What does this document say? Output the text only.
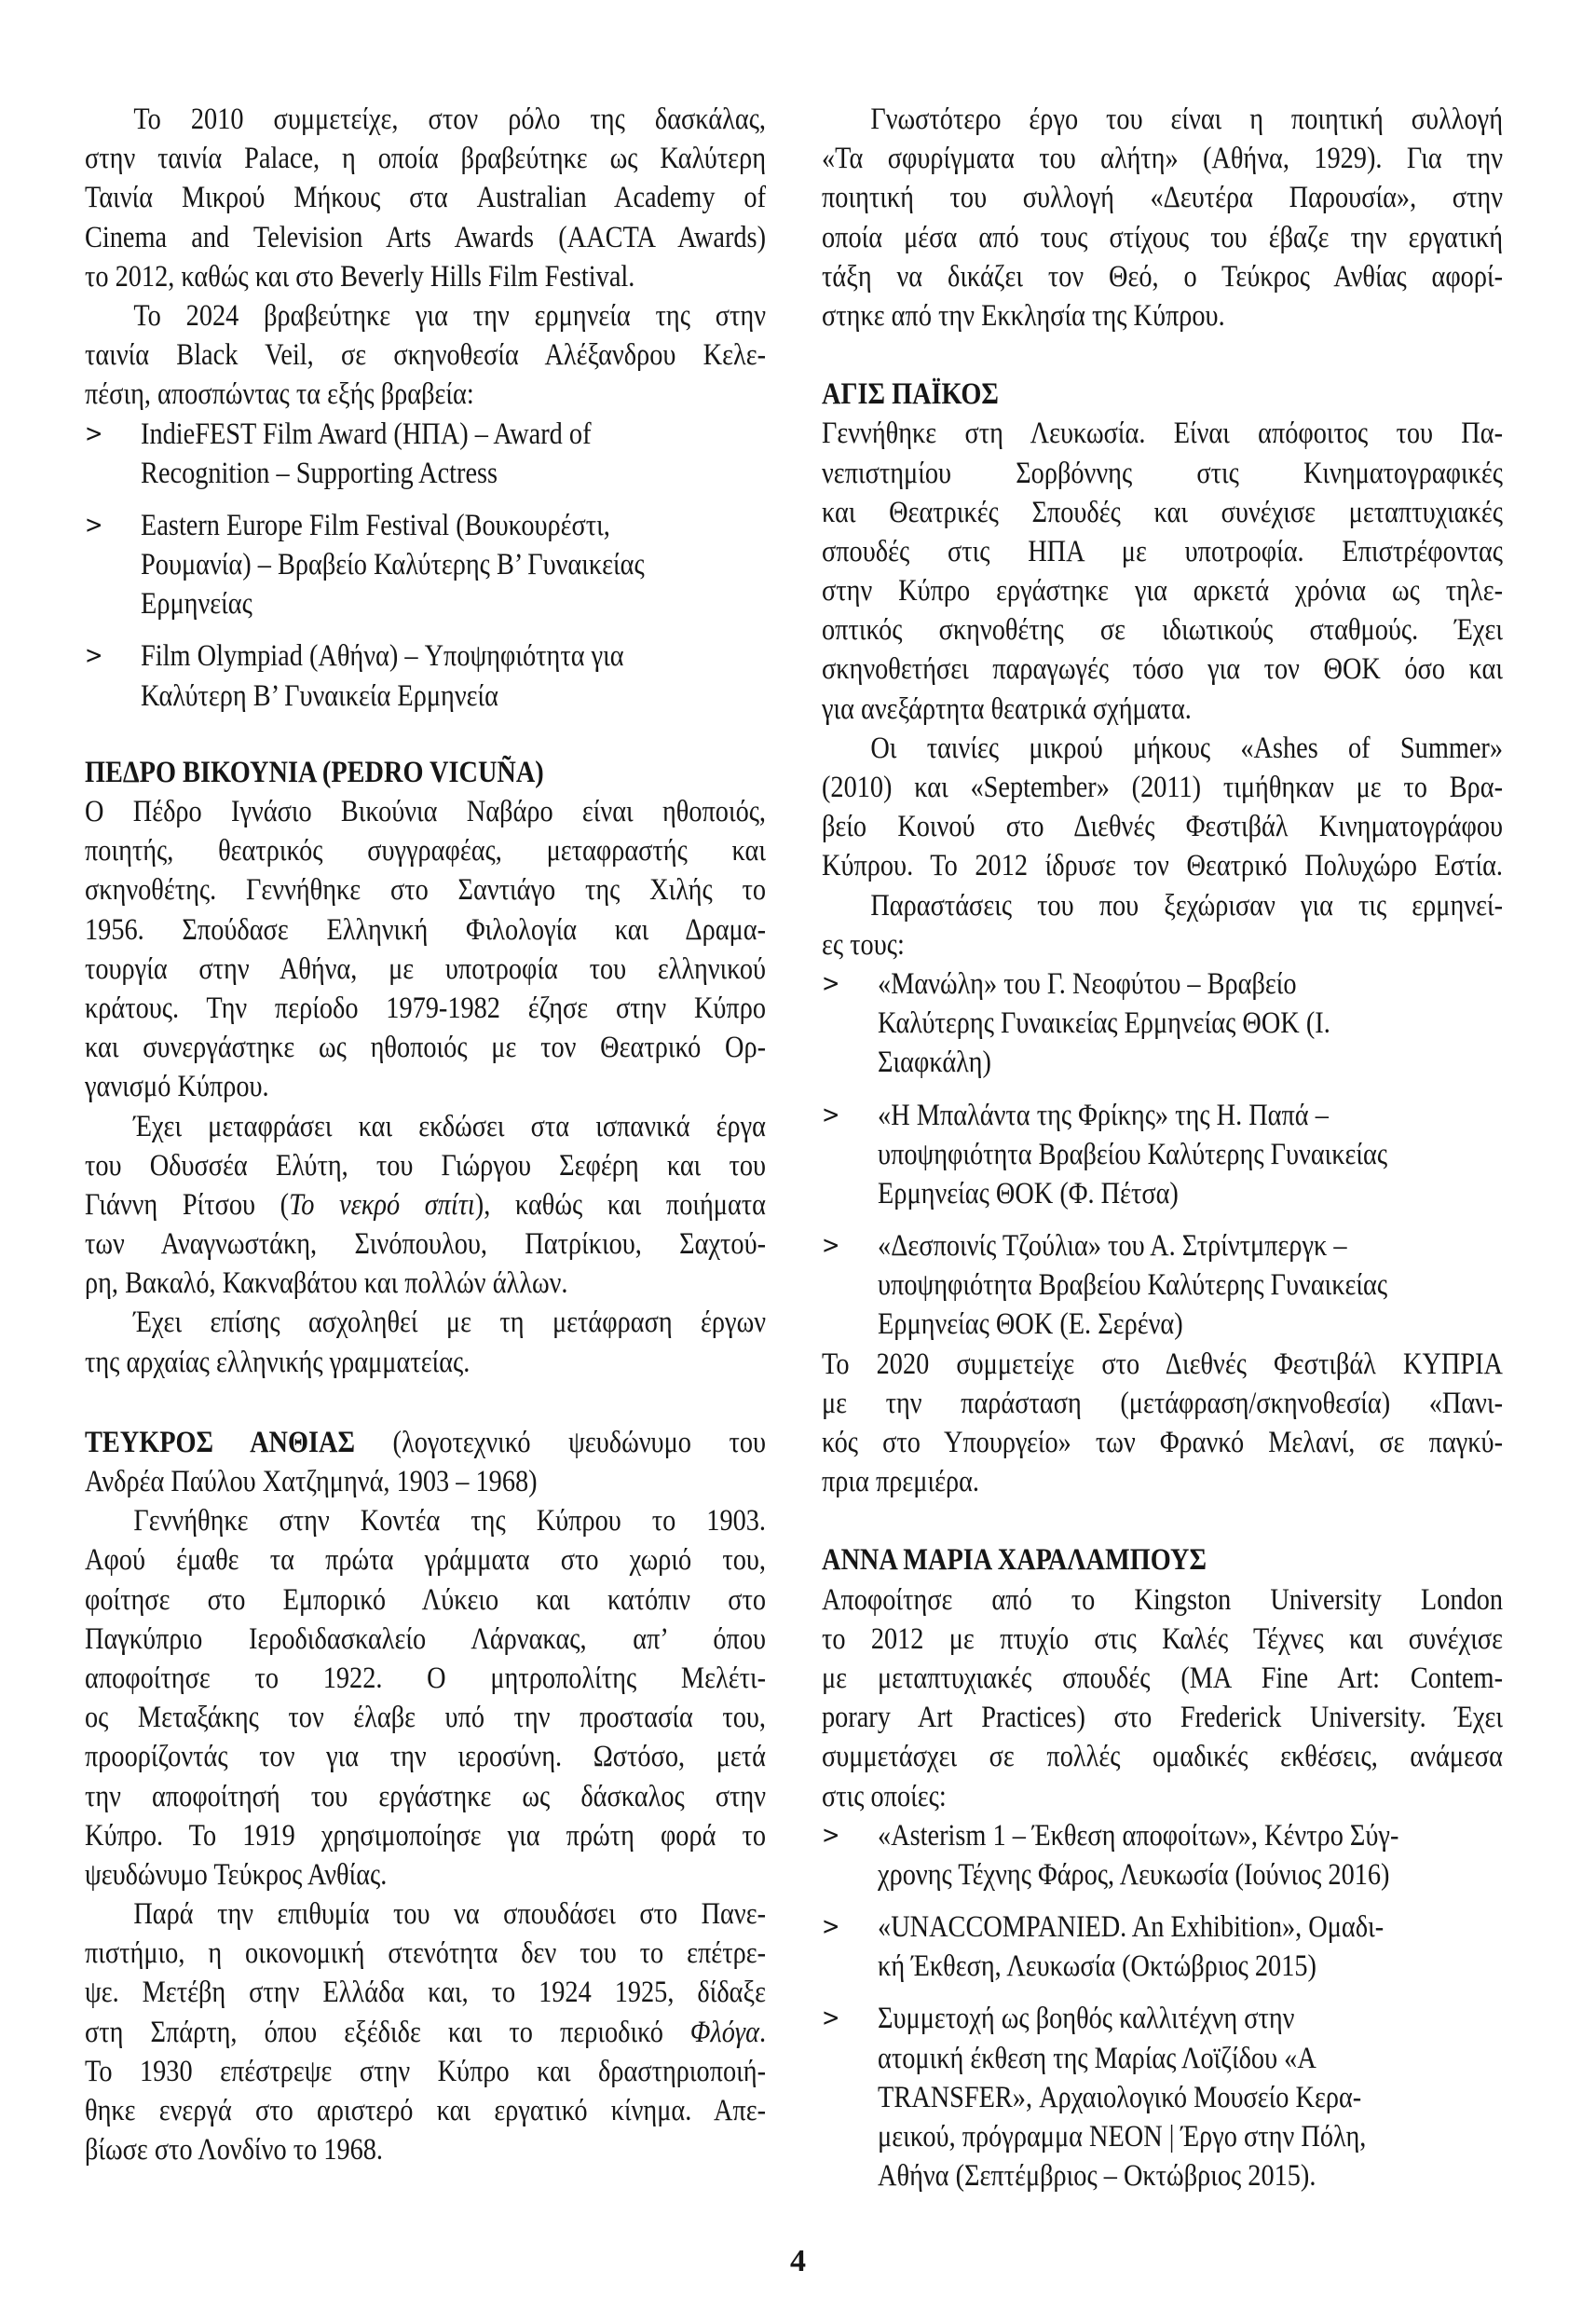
Το 2010 συμμετείχε, στον ρόλο της δασκάλας,
στην ταινία Palace, η οποία βραβεύτηκε ως Καλύτερη
Ταινία Μικρού Μήκους στα Australian Academy of
Cinema and Television Arts Awards (AACTA Awards)
το 2012, καθώς και στο Beverly Hills Film Festival.
Το 2024 βραβεύτηκε για την ερμηνεία της στην
ταινία Black Veil, σε σκηνοθεσία Αλέξανδρου Κελε-
πέσιη, αποσπώντας τα εξής βραβεία:
> IndieFEST Film Award (ΗΠΑ) – Award of
Recognition – Supporting Actress
> Eastern Europe Film Festival (Βουκουρέστι,
Ρουμανία) – Βραβείο Καλύτερης Β’ Γυναικείας
Ερμηνείας
> Film Olympiad (Αθήνα) – Υποψηφιότητα για
Καλύτερη Β’ Γυναικεία Ερμηνεία
ΠΕΔΡΟ ΒΙΚΟΥΝΙΑ (PEDRO VICUÑA)
Ο Πέδρο Ιγνάσιο Βικούνια Ναβάρο είναι ηθοποιός,
ποιητής, θεατρικός συγγραφέας, μεταφραστής και
σκηνοθέτης. Γεννήθηκε στο Σαντιάγο της Χιλής το
1956. Σπούδασε Ελληνική Φιλολογία και Δραμα-
τουργία στην Αθήνα, με υποτροφία του ελληνικού
κράτους. Την περίοδο 1979-1982 έζησε στην Κύπρο
και συνεργάστηκε ως ηθοποιός με τον Θεατρικό Ορ-
γανισμό Κύπρου.
Έχει μεταφράσει και εκδώσει στα ισπανικά έργα
του Οδυσσέα Ελύτη, του Γιώργου Σεφέρη και του
Γιάννη Ρίτσου (Το νεκρό σπίτι), καθώς και ποιήματα
των Αναγνωστάκη, Σινόπουλου, Πατρίκιου, Σαχτού-
ρη, Βακαλό, Κακναβάτου και πολλών άλλων.
Έχει επίσης ασχοληθεί με τη μετάφραση έργων
της αρχαίας ελληνικής γραμματείας.
ΤΕΥΚΡΟΣ ΑΝΘΙΑΣ (λογοτεχνικό ψευδώνυμο του
Ανδρέα Παύλου Χατζημηνά, 1903 – 1968)
Γεννήθηκε στην Κοντέα της Κύπρου το 1903.
Αφού έμαθε τα πρώτα γράμματα στο χωριό του,
φοίτησε στο Εμπορικό Λύκειο και κατόπιν στο
Παγκύπριο Ιεροδιδασκαλείο Λάρνακας, απ’ όπου
αποφοίτησε το 1922. Ο μητροπολίτης Μελέτι-
ος Μεταξάκης τον έλαβε υπό την προστασία του,
προορίζοντάς τον για την ιεροσύνη. Ωστόσο, μετά
την αποφοίτησή του εργάστηκε ως δάσκαλος στην
Κύπρο. Το 1919 χρησιμοποίησε για πρώτη φορά το
ψευδώνυμο Τεύκρος Ανθίας.
Παρά την επιθυμία του να σπουδάσει στο Πανε-
πιστήμιο, η οικονομική στενότητα δεν του το επέτρε-
ψε. Μετέβη στην Ελλάδα και, το 1924 1925, δίδαξε
στη Σπάρτη, όπου εξέδιδε και το περιοδικό Φλόγα.
Το 1930 επέστρεψε στην Κύπρο και δραστηριοποιή-
θηκε ενεργά στο αριστερό και εργατικό κίνημα. Απε-
βίωσε στο Λονδίνο το 1968.
Γνωστότερο έργο του είναι η ποιητική συλλογή
«Τα σφυρίγματα του αλήτη» (Αθήνα, 1929). Για την
ποιητική του συλλογή «Δευτέρα Παρουσία», στην
οποία μέσα από τους στίχους του έβαζε την εργατική
τάξη να δικάζει τον Θεό, ο Τεύκρος Ανθίας αφορί-
στηκε από την Εκκλησία της Κύπρου.
ΑΓΙΣ ΠΑΪΚΟΣ
Γεννήθηκε στη Λευκωσία. Είναι απόφοιτος του Πα-
νεπιστημίου Σορβόννης στις Κινηματογραφικές
και Θεατρικές Σπουδές και συνέχισε μεταπτυχιακές
σπουδές στις ΗΠΑ με υποτροφία. Επιστρέφοντας
στην Κύπρο εργάστηκε για αρκετά χρόνια ως τηλε-
οπτικός σκηνοθέτης σε ιδιωτικούς σταθμούς. Έχει
σκηνοθετήσει παραγωγές τόσο για τον ΘΟΚ όσο και
για ανεξάρτητα θεατρικά σχήματα.
Οι ταινίες μικρού μήκους «Ashes of Summer»
(2010) και «September» (2011) τιμήθηκαν με το Βρα-
βείο Κοινού στο Διεθνές Φεστιβάλ Κινηματογράφου
Κύπρου. Το 2012 ίδρυσε τον Θεατρικό Πολυχώρο Εστία.
Παραστάσεις του που ξεχώρισαν για τις ερμηνεί-
ες τους:
> «Μανώλη» του Γ. Νεοφύτου – Βραβείο
Καλύτερης Γυναικείας Ερμηνείας ΘΟΚ (Ι.
Σιαφκάλη)
> «Η Μπαλάντα της Φρίκης» της Η. Παπά –
υποψηφιότητα Βραβείου Καλύτερης Γυναικείας
Ερμηνείας ΘΟΚ (Φ. Πέτσα)
> «Δεσποινίς Τζούλια» του Α. Στρίντμπεργκ –
υποψηφιότητα Βραβείου Καλύτερης Γυναικείας
Ερμηνείας ΘΟΚ (Ε. Σερένα)
Το 2020 συμμετείχε στο Διεθνές Φεστιβάλ ΚΥΠΡΙΑ
με την παράσταση (μετάφραση/σκηνοθεσία) «Πανι-
κός στο Υπουργείο» των Φρανκό Μελανί, σε παγκύ-
πρια πρεμιέρα.
ΑΝΝΑ ΜΑΡΙΑ ΧΑΡΑΛΑΜΠΟΥΣ
Αποφοίτησε από το Kingston University London
το 2012 με πτυχίο στις Καλές Τέχνες και συνέχισε
με μεταπτυχιακές σπουδές (MA Fine Art: Contem-
porary Art Practices) στο Frederick University. Έχει
συμμετάσχει σε πολλές ομαδικές εκθέσεις, ανάμεσα
στις οποίες:
> «Asterism 1 – Έκθεση αποφοίτων», Κέντρο Σύγ-
χρονης Τέχνης Φάρος, Λευκωσία (Ιούνιος 2016)
> «UNACCOMPANIED. An Exhibition», Ομαδι-
κή Έκθεση, Λευκωσία (Οκτώβριος 2015)
> Συμμετοχή ως βοηθός καλλιτέχνη στην
ατομική έκθεση της Μαρίας Λοϊζίδου «A
TRANSFER», Αρχαιολογικό Μουσείο Κερα-
μεικού, πρόγραμμα NEON | Έργο στην Πόλη,
Αθήνα (Σεπτέμβριος – Οκτώβριος 2015).
4
